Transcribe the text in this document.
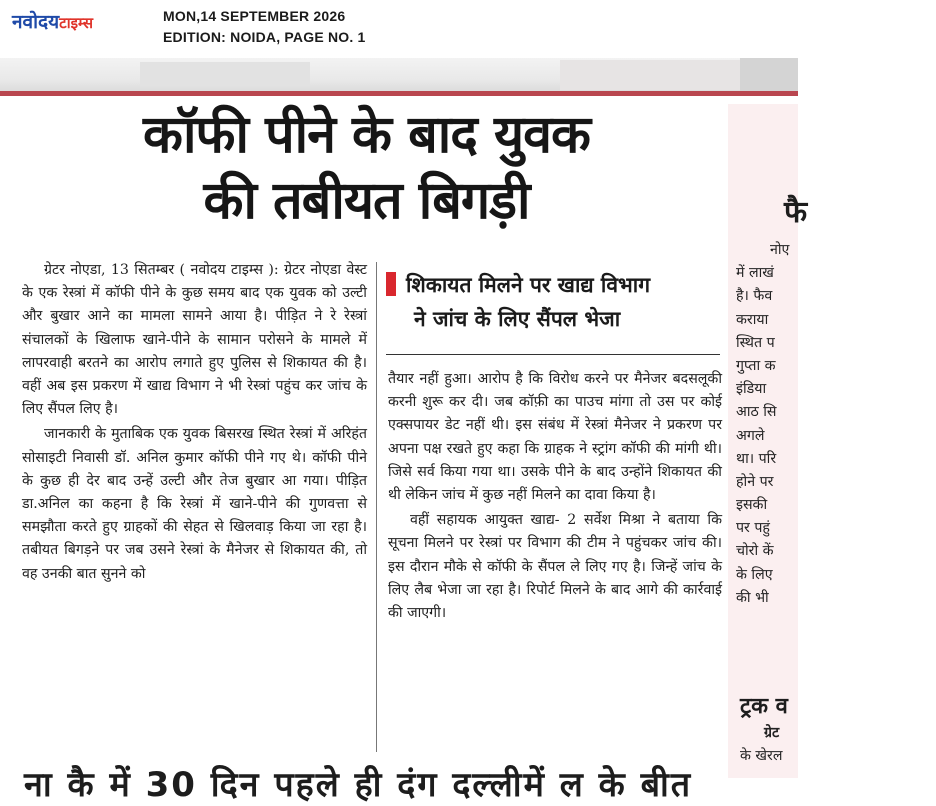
नवोदयटाइम्स	MON,14 SEPTEMBER 2026
EDITION: NOIDA, PAGE NO. 1
कॉफी पीने के बाद युवक
की तबीयत बिगड़ी

ग्रेटर नोएडा, 13 सितम्बर ( नवोदय टाइम्स ): ग्रेटर नोएडा वेस्ट के एक रेस्त्रां में कॉफी पीने के कुछ समय बाद एक युवक को उल्टी और बुखार आने का मामला सामने आया है। पीड़ित ने रे रेस्त्रां संचालकों के खिलाफ खाने-पीने के सामान परोसने के मामले में लापरवाही बरतने का आरोप लगाते हुए पुलिस से शिकायत की है। वहीं अब इस प्रकरण में खाद्य विभाग ने भी रेस्त्रां पहुंच कर जांच के लिए सैंपल लिए है।

जानकारी के मुताबिक एक युवक बिसरख स्थित रेस्त्रां में अरिहंत सोसाइटी निवासी डॉ. अनिल कुमार कॉफी पीने गए थे। कॉफी पीने के कुछ ही देर बाद उन्हें उल्टी और तेज बुखार आ गया। पीड़ित डा.अनिल का कहना है कि रेस्त्रां में खाने-पीने की गुणवत्ता से समझौता करते हुए ग्राहकों की सेहत से खिलवाड़ किया जा रहा है। तबीयत बिगड़ने पर जब उसने रेस्त्रां के मैनेजर से शिकायत की, तो वह उनकी बात सुनने को

शिकायत मिलने पर खाद्य विभाग
ने जांच के लिए सैंपल भेजा

तैयार नहीं हुआ। आरोप है कि विरोध करने पर मैनेजर बदसलूकी करनी शुरू कर दी। जब कॉफ़ी का पाउच मांगा तो उस पर कोई एक्सपायर डेट नहीं थी। इस संबंध में रेस्त्रां मैनेजर ने प्रकरण पर अपना पक्ष रखते हुए कहा कि ग्राहक ने स्ट्रांग कॉफी की मांगी थी। जिसे सर्व किया गया था। उसके पीने के बाद उन्होंने शिकायत की थी लेकिन जांच में कुछ नहीं मिलने का दावा किया है।

वहीं सहायक आयुक्त खाद्य- 2 सर्वेश मिश्रा ने बताया कि सूचना मिलने पर रेस्त्रां पर विभाग की टीम ने पहुंचकर जांच की। इस दौरान मौके से कॉफी के सैंपल ले लिए गए है। जिन्हें जांच के लिए लैब भेजा जा रहा है। रिपोर्ट मिलने के बाद आगे की कार्रवाई की जाएगी।

फै
नोए
में लाखं
है। फैव
कराया
स्थित प
गुप्ता क
इंडिया
आठ सि
अगले
था। परि
होने पर
इसकी
पर पहुं
चोरो कें
के लिए
की भी
ट्रक व
ग्रेट
के खेरल
ना कै में 30 दिन पहले ही दंग दल्लीमें ल के बीत
